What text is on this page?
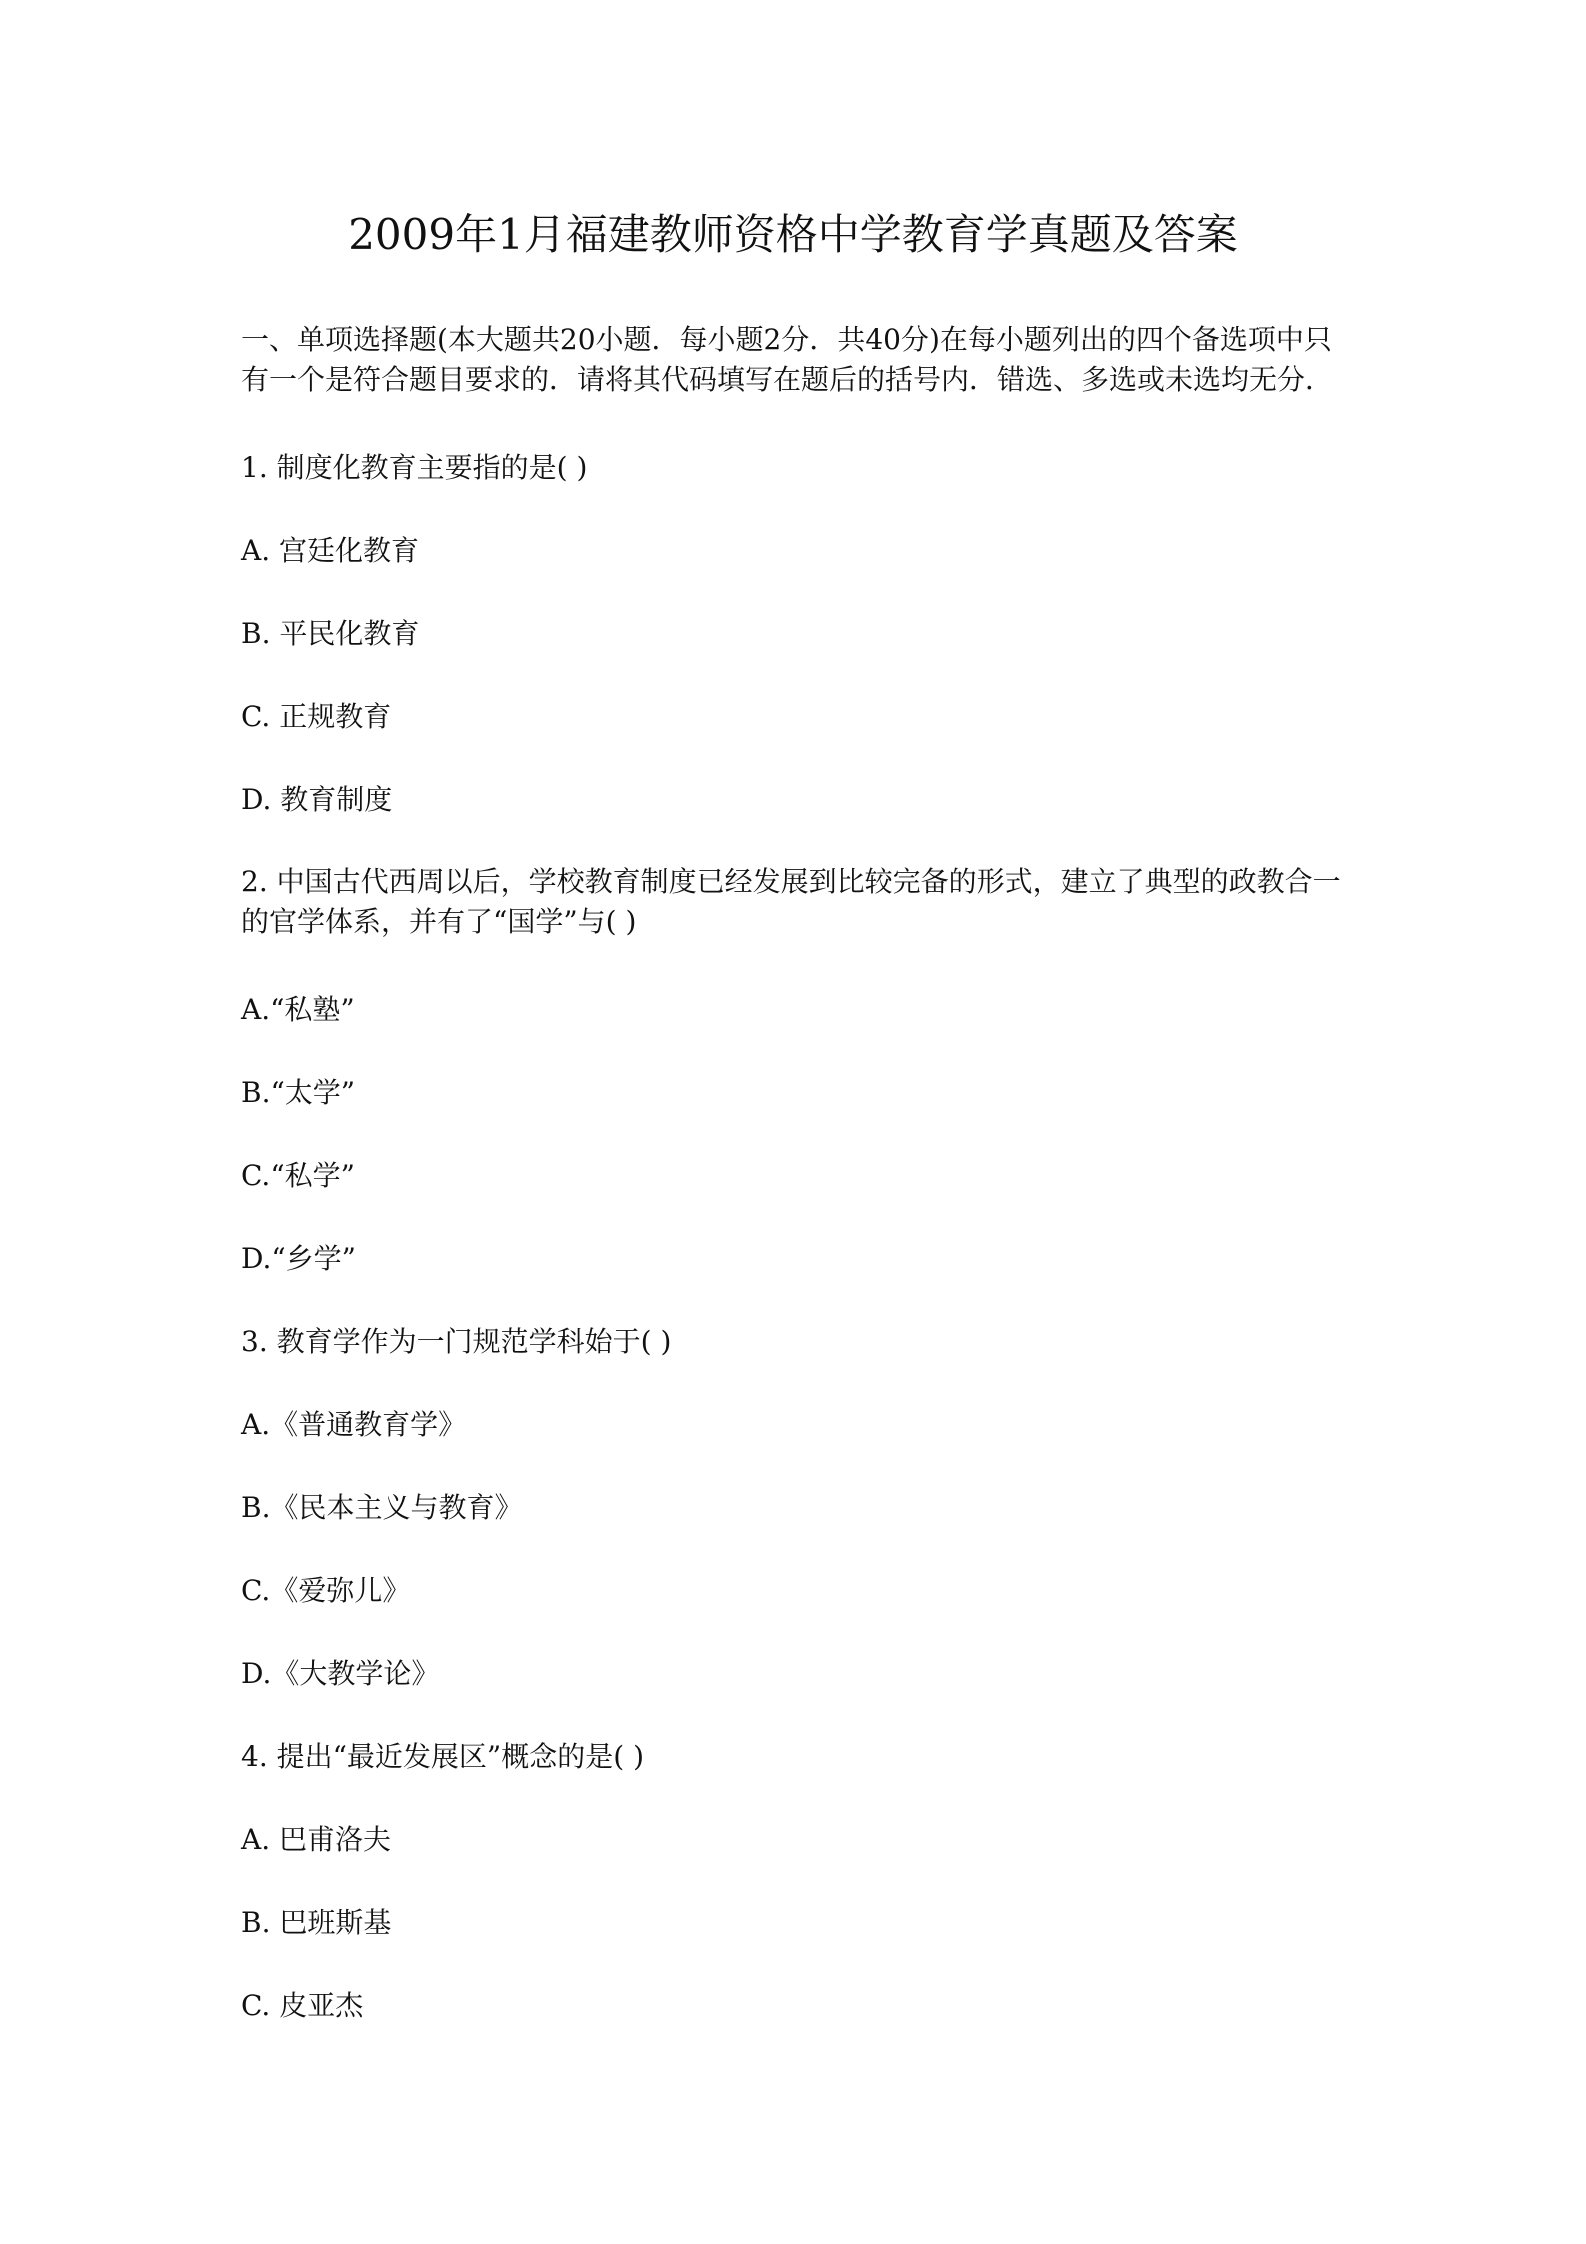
2009年1月福建教师资格中学教育学真题及答案
一、单项选择题(本大题共20小题．每小题2分．共40分)在每小题列出的四个备选项中只
有一个是符合题目要求的．请将其代码填写在题后的括号内．错选、多选或未选均无分．
1. 制度化教育主要指的是( )
A. 宫廷化教育
B. 平民化教育
C. 正规教育
D. 教育制度
2. 中国古代西周以后，学校教育制度已经发展到比较完备的形式，建立了典型的政教合一
的官学体系，并有了“国学”与( )
A.“私塾”
B.“太学”
C.“私学”
D.“乡学”
3. 教育学作为一门规范学科始于( )
A.《普通教育学》
B.《民本主义与教育》
C.《爱弥儿》
D.《大教学论》
4. 提出“最近发展区”概念的是( )
A. 巴甫洛夫
B. 巴班斯基
C. 皮亚杰
